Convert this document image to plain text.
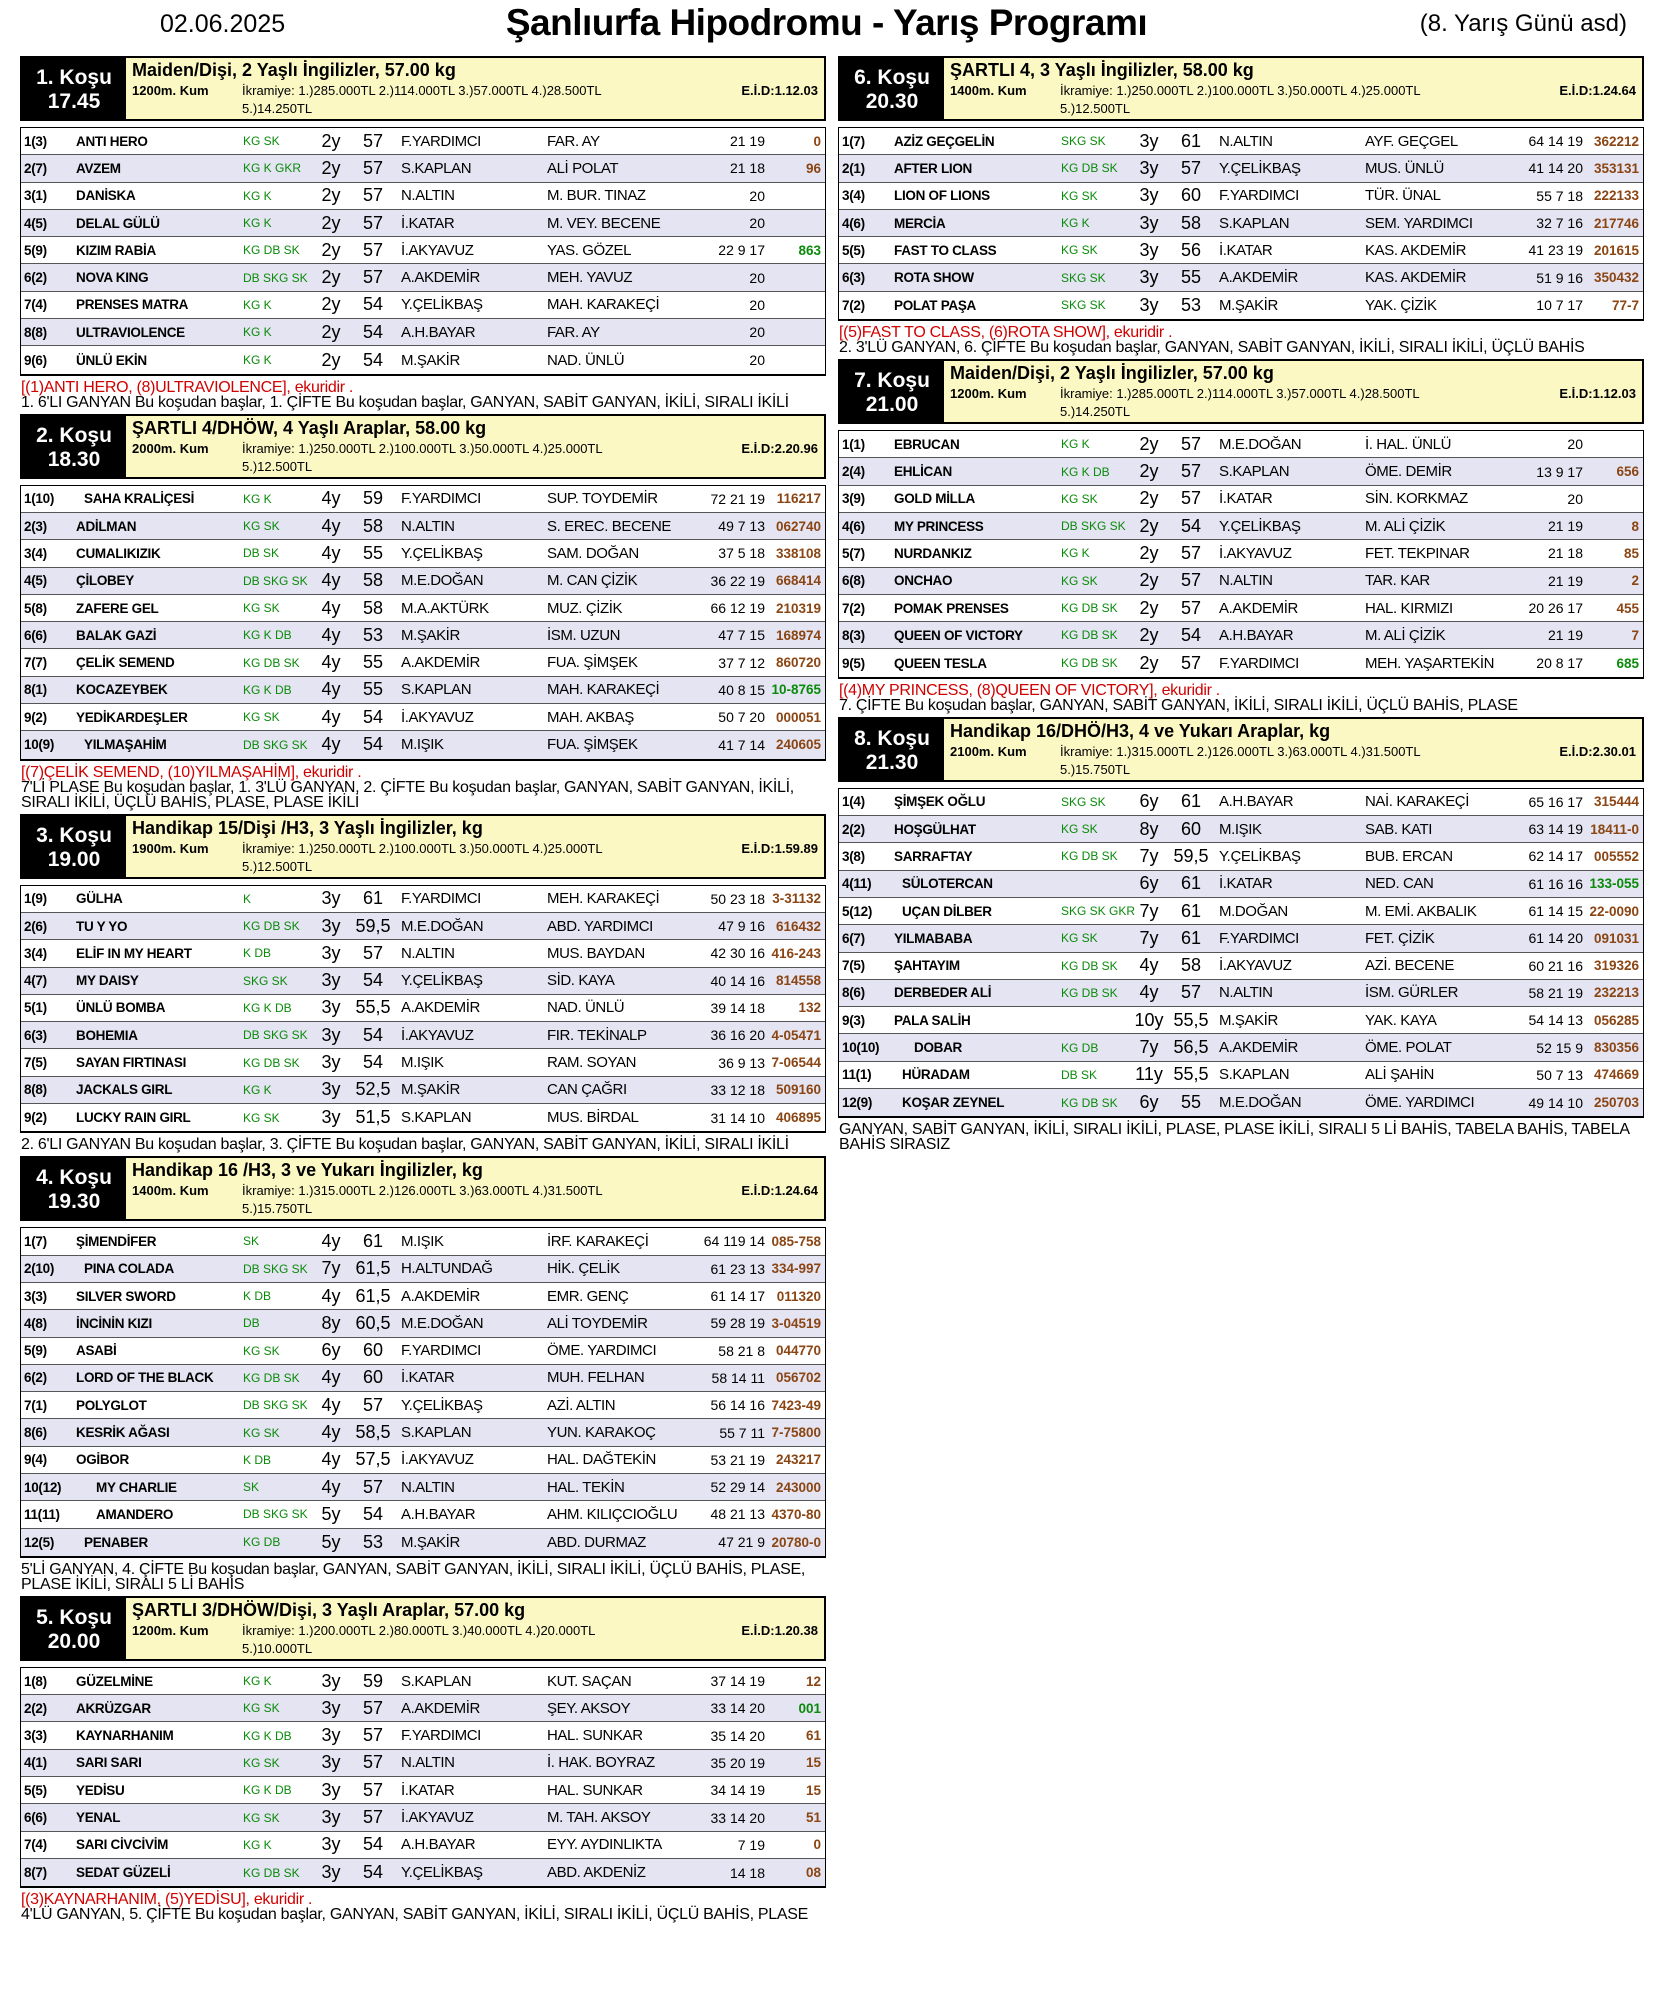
02.06.2025	Şanlıurfa Hipodromu - Yarış Programı	(8. Yarış Günü asd)
1. Koşu
17.45
Maiden/Dişi, 2 Yaşlı İngilizler, 57.00 kg
1200m. Kum	İkramiye: 1.)285.000TL 2.)114.000TL 3.)57.000TL 4.)28.500TL
5.)14.250TL
E.İ.D:1.12.03
1(3)	ANTI HERO	KG SK	2y	57	F.YARDIMCI	FAR. AY	21 19	0
2(7)	AVZEM	KG K GKR	2y	57	S.KAPLAN	ALİ POLAT	21 18	96
3(1)	DANİSKA	KG K	2y	57	N.ALTIN	M. BUR. TINAZ	20
4(5)	DELAL GÜLÜ	KG K	2y	57	İ.KATAR	M. VEY. BECENE	20
5(9)	KIZIM RABİA	KG DB SK	2y	57	İ.AKYAVUZ	YAS. GÖZEL	22 9 17	863
6(2)	NOVA KING	DB SKG SK 2y	57	A.AKDEMİR	MEH. YAVUZ	20
7(4)	PRENSES MATRA	KG K	2y	54	Y.ÇELİKBAŞ	MAH. KARAKEÇİ	20
8(8)	ULTRAVIOLENCE	KG K	2y	54	A.H.BAYAR	FAR. AY	20
9(6)	ÜNLÜ EKİN	KG K	2y	54	M.ŞAKİR	NAD. ÜNLÜ	20
[(1)ANTI HERO, (8)ULTRAVIOLENCE], ekuridir .
1. 6'LI GANYAN Bu koşudan başlar, 1. ÇİFTE Bu koşudan başlar, GANYAN, SABİT GANYAN, İKİLİ, SIRALI İKİLİ
2. Koşu
18.30
ŞARTLI 4/DHÖW, 4 Yaşlı Araplar, 58.00 kg
2000m. Kum	İkramiye: 1.)250.000TL 2.)100.000TL 3.)50.000TL 4.)25.000TL
5.)12.500TL
E.İ.D:2.20.96
1(10)	SAHA KRALİÇESİ	KG K	4y	59	F.YARDIMCI	SUP. TOYDEMİR	72 21 19 116217
2(3)	ADİLMAN	KG SK	4y	58	N.ALTIN	S. EREC. BECENE	49 7 13 062740
3(4)	CUMALIKIZIK	DB SK	4y	55	Y.ÇELİKBAŞ	SAM. DOĞAN	37 5 18 338108
4(5)	ÇİLOBEY	DB SKG SK 4y	58	M.E.DOĞAN	M. CAN ÇİZİK	36 22 19 668414
5(8)	ZAFERE GEL	KG SK	4y	58	M.A.AKTÜRK	MUZ. ÇİZİK	66 12 19 210319
6(6)	BALAK GAZİ	KG K DB	4y	53	M.ŞAKİR	İSM. UZUN	47 7 15 168974
7(7)	ÇELİK SEMEND	KG DB SK	4y	55	A.AKDEMİR	FUA. ŞİMŞEK	37 7 12 860720
8(1)	KOCAZEYBEK	KG K DB	4y	55	S.KAPLAN	MAH. KARAKEÇİ	40 8 15 10-8765
9(2)	YEDİKARDEŞLER	KG SK	4y	54	İ.AKYAVUZ	MAH. AKBAŞ	50 7 20 000051
10(9)	YILMAŞAHİM	DB SKG SK 4y	54	M.IŞIK	FUA. ŞİMŞEK	41 7 14 240605
[(7)ÇELİK SEMEND, (10)YILMAŞAHİM], ekuridir .
7'Lİ PLASE Bu koşudan başlar, 1. 3'LÜ GANYAN, 2. ÇİFTE Bu koşudan başlar, GANYAN, SABİT GANYAN, İKİLİ, SIRALI İKİLİ, ÜÇLÜ BAHİS, PLASE, PLASE İKİLİ
3. Koşu
19.00
Handikap 15/Dişi /H3, 3 Yaşlı İngilizler, kg
1900m. Kum	İkramiye: 1.)250.000TL 2.)100.000TL 3.)50.000TL 4.)25.000TL
5.)12.500TL
E.İ.D:1.59.89
1(9)	GÜLHA	K	3y	61	F.YARDIMCI	MEH. KARAKEÇİ	50 23 18 3-31132
2(6)	TU Y YO	KG DB SK	3y 59,5 M.E.DOĞAN	ABD. YARDIMCI	47 9 16 616432
3(4)	ELİF IN MY HEART	K DB	3y	57	N.ALTIN	MUS. BAYDAN	42 30 16 416-243
4(7)	MY DAISY	SKG SK	3y	54	Y.ÇELİKBAŞ	SİD. KAYA	40 14 16 814558
5(1)	ÜNLÜ BOMBA	KG K DB	3y 55,5 A.AKDEMİR	NAD. ÜNLÜ	39 14 18	132
6(3)	BOHEMIA	DB SKG SK 3y	54	İ.AKYAVUZ	FIR. TEKİNALP	36 16 20 4-05471
7(5)	SAYAN FIRTINASI	KG DB SK	3y	54	M.IŞIK	RAM. SOYAN	36 9 13 7-06544
8(8)	JACKALS GIRL	KG K	3y 52,5 M.ŞAKİR	CAN ÇAĞRI	33 12 18 509160
9(2)	LUCKY RAIN GIRL	KG SK	3y 51,5 S.KAPLAN	MUS. BİRDAL	31 14 10 406895
2. 6'LI GANYAN Bu koşudan başlar, 3. ÇİFTE Bu koşudan başlar, GANYAN, SABİT GANYAN, İKİLİ, SIRALI İKİLİ
4. Koşu
19.30
Handikap 16 /H3, 3 ve Yukarı İngilizler, kg
1400m. Kum	İkramiye: 1.)315.000TL 2.)126.000TL 3.)63.000TL 4.)31.500TL
5.)15.750TL
E.İ.D:1.24.64
1(7)	ŞİMENDİFER	SK	4y	61	M.IŞIK	İRF. KARAKEÇİ	64 119 14 085-758
2(10)	PINA COLADA	DB SKG SK 7y 61,5 H.ALTUNDAĞ	HİK. ÇELİK	61 23 13 334-997
3(3)	SILVER SWORD	K DB	4y 61,5 A.AKDEMİR	EMR. GENÇ	61 14 17 011320
4(8)	İNCİNİN KIZI	DB	8y 60,5 M.E.DOĞAN	ALİ TOYDEMİR	59 28 19 3-04519
5(9)	ASABİ	KG SK	6y	60	F.YARDIMCI	ÖME. YARDIMCI	58 21 8 044770
6(2)	LORD OF THE BLACK	KG DB SK	4y	60	İ.KATAR	MUH. FELHAN	58 14 11 056702
7(1)	POLYGLOT	DB SKG SK 4y	57	Y.ÇELİKBAŞ	AZİ. ALTIN	56 14 16 7423-49
8(6)	KESRİK AĞASI	KG SK	4y 58,5 S.KAPLAN	YUN. KARAKOÇ	55 7 11 7-75800
9(4)	OGİBOR	K DB	4y 57,5 İ.AKYAVUZ	HAL. DAĞTEKİN	53 21 19 243217
10(12)	MY CHARLIE	SK	4y	57	N.ALTIN	HAL. TEKİN	52 29 14 243000
11(11)	AMANDERO	DB SKG SK 5y	54	A.H.BAYAR	AHM. KILIÇCIOĞLU	48 21 13 4370-80
12(5)	PENABER	KG DB	5y	53	M.ŞAKİR	ABD. DURMAZ	47 21 9 20780-0
5'Lİ GANYAN, 4. ÇİFTE Bu koşudan başlar, GANYAN, SABİT GANYAN, İKİLİ, SIRALI İKİLİ, ÜÇLÜ BAHİS, PLASE, PLASE İKİLİ, SIRALI 5 Lİ BAHİS
5. Koşu
20.00
ŞARTLI 3/DHÖW/Dişi, 3 Yaşlı Araplar, 57.00 kg
1200m. Kum	İkramiye: 1.)200.000TL 2.)80.000TL 3.)40.000TL 4.)20.000TL
5.)10.000TL
E.İ.D:1.20.38
1(8)	GÜZELMİNE	KG K	3y	59	S.KAPLAN	KUT. SAÇAN	37 14 19	12
2(2)	AKRÜZGAR	KG SK	3y	57	A.AKDEMİR	ŞEY. AKSOY	33 14 20	001
3(3)	KAYNARHANIM	KG K DB	3y	57	F.YARDIMCI	HAL. SUNKAR	35 14 20	61
4(1)	SARI SARI	KG SK	3y	57	N.ALTIN	İ. HAK. BOYRAZ	35 20 19	15
5(5)	YEDİSU	KG K DB	3y	57	İ.KATAR	HAL. SUNKAR	34 14 19	15
6(6)	YENAL	KG SK	3y	57	İ.AKYAVUZ	M. TAH. AKSOY	33 14 20	51
7(4)	SARI CİVCİVİM	KG K	3y	54	A.H.BAYAR	EYY. AYDINLIKTA	7 19	0
8(7)	SEDAT GÜZELİ	KG DB SK	3y	54	Y.ÇELİKBAŞ	ABD. AKDENİZ	14 18	08
[(3)KAYNARHANIM, (5)YEDİSU], ekuridir .
4'LÜ GANYAN, 5. ÇİFTE Bu koşudan başlar, GANYAN, SABİT GANYAN, İKİLİ, SIRALI İKİLİ, ÜÇLÜ BAHİS, PLASE
6. Koşu
20.30
ŞARTLI 4, 3 Yaşlı İngilizler, 58.00 kg
1400m. Kum	İkramiye: 1.)250.000TL 2.)100.000TL 3.)50.000TL 4.)25.000TL
5.)12.500TL
E.İ.D:1.24.64
1(7)	AZİZ GEÇGELİN	SKG SK	3y	61	N.ALTIN	AYF. GEÇGEL	64 14 19 362212
2(1)	AFTER LION	KG DB SK	3y	57	Y.ÇELİKBAŞ	MUS. ÜNLÜ	41 14 20 353131
3(4)	LION OF LIONS	KG SK	3y	60	F.YARDIMCI	TÜR. ÜNAL	55 7 18 222133
4(6)	MERCİA	KG K	3y	58	S.KAPLAN	SEM. YARDIMCI	32 7 16 217746
5(5)	FAST TO CLASS	KG SK	3y	56	İ.KATAR	KAS. AKDEMİR	41 23 19 201615
6(3)	ROTA SHOW	SKG SK	3y	55	A.AKDEMİR	KAS. AKDEMİR	51 9 16 350432
7(2)	POLAT PAŞA	SKG SK	3y	53	M.ŞAKİR	YAK. ÇİZİK	10 7 17	77-7
[(5)FAST TO CLASS, (6)ROTA SHOW], ekuridir .
2. 3'LÜ GANYAN, 6. ÇİFTE Bu koşudan başlar, GANYAN, SABİT GANYAN, İKİLİ, SIRALI İKİLİ, ÜÇLÜ BAHİS
7. Koşu
21.00
Maiden/Dişi, 2 Yaşlı İngilizler, 57.00 kg
1200m. Kum	İkramiye: 1.)285.000TL 2.)114.000TL 3.)57.000TL 4.)28.500TL
5.)14.250TL
E.İ.D:1.12.03
1(1)	EBRUCAN	KG K	2y	57	M.E.DOĞAN	İ. HAL. ÜNLÜ	20
2(4)	EHLİCAN	KG K DB	2y	57	S.KAPLAN	ÖME. DEMİR	13 9 17	656
3(9)	GOLD MİLLA	KG SK	2y	57	İ.KATAR	SİN. KORKMAZ	20
4(6)	MY PRINCESS	DB SKG SK 2y	54	Y.ÇELİKBAŞ	M. ALİ ÇİZİK	21 19	8
5(7)	NURDANKIZ	KG K	2y	57	İ.AKYAVUZ	FET. TEKPINAR	21 18	85
6(8)	ONCHAO	KG SK	2y	57	N.ALTIN	TAR. KAR	21 19	2
7(2)	POMAK PRENSES	KG DB SK	2y	57	A.AKDEMİR	HAL. KIRMIZI	20 26 17	455
8(3)	QUEEN OF VICTORY	KG DB SK	2y	54	A.H.BAYAR	M. ALİ ÇİZİK	21 19	7
9(5)	QUEEN TESLA	KG DB SK	2y	57	F.YARDIMCI	MEH. YAŞARTEKİN	20 8 17	685
[(4)MY PRINCESS, (8)QUEEN OF VICTORY], ekuridir .
7. ÇİFTE Bu koşudan başlar, GANYAN, SABİT GANYAN, İKİLİ, SIRALI İKİLİ, ÜÇLÜ BAHİS, PLASE
8. Koşu
21.30
Handikap 16/DHÖ/H3, 4 ve Yukarı Araplar, kg
2100m. Kum	İkramiye: 1.)315.000TL 2.)126.000TL 3.)63.000TL 4.)31.500TL
5.)15.750TL
E.İ.D:2.30.01
1(4)	ŞİMŞEK OĞLU	SKG SK	6y	61	A.H.BAYAR	NAİ. KARAKEÇİ	65 16 17 315444
2(2)	HOŞGÜLHAT	KG SK	8y	60	M.IŞIK	SAB. KATI	63 14 19 18411-0
3(8)	SARRAFTAY	KG DB SK	7y 59,5 Y.ÇELİKBAŞ	BUB. ERCAN	62 14 17 005552
4(11)	SÜLOTERCAN	6y	61	İ.KATAR	NED. CAN	61 16 16 133-055
5(12)	UÇAN DİLBER	SKG SK GKR 7y	61	M.DOĞAN	M. EMİ. AKBALIK	61 14 15 22-0090
6(7)	YILMABABA	KG SK	7y	61	F.YARDIMCI	FET. ÇİZİK	61 14 20 091031
7(5)	ŞAHTAYIM	KG DB SK	4y	58	İ.AKYAVUZ	AZİ. BECENE	60 21 16 319326
8(6)	DERBEDER ALİ	KG DB SK	4y	57	N.ALTIN	İSM. GÜRLER	58 21 19 232213
9(3)	PALA SALİH	10y 55,5 M.ŞAKİR	YAK. KAYA	54 14 13 056285
10(10)	DOBAR	KG DB	7y 56,5 A.AKDEMİR	ÖME. POLAT	52 15 9 830356
11(1)	HÜRADAM	DB SK	11y 55,5 S.KAPLAN	ALİ ŞAHİN	50 7 13 474669
12(9)	KOŞAR ZEYNEL	KG DB SK	6y	55	M.E.DOĞAN	ÖME. YARDIMCI	49 14 10 250703
GANYAN, SABİT GANYAN, İKİLİ, SIRALI İKİLİ, PLASE, PLASE İKİLİ, SIRALI 5 Lİ BAHİS, TABELA BAHİS, TABELA BAHİS SIRASIZ
